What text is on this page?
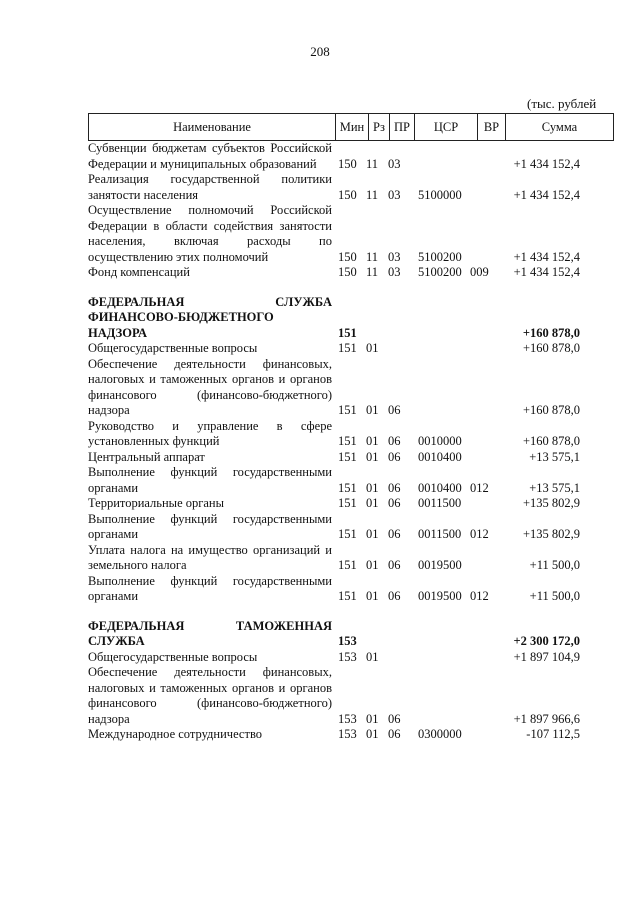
208
(тыс. рублей
Наименование	Мин	Рз	ПР	ЦСР	ВР	Сумма
Субвенции бюджетам субъектов Российской Федерации и муниципальных образований	150	11	03			+1 434 152,4
Реализация государственной политики занятости населения	150	11	03	5100000		+1 434 152,4
Осуществление полномочий Российской Федерации в области содействия занятости населения, включая расходы по осуществлению этих полномочий	150	11	03	5100200		+1 434 152,4
Фонд компенсаций	150	11	03	5100200	009	+1 434 152,4

ФЕДЕРАЛЬНАЯ СЛУЖБА ФИНАНСОВО-БЮДЖЕТНОГО НАДЗОРА	151					+160 878,0
Общегосударственные вопросы	151	01				+160 878,0
Обеспечение деятельности финансовых, налоговых и таможенных органов и органов финансового (финансово-бюджетного) надзора	151	01	06			+160 878,0
Руководство и управление в сфере установленных функций	151	01	06	0010000		+160 878,0
Центральный аппарат	151	01	06	0010400		+13 575,1
Выполнение функций государственными органами	151	01	06	0010400	012	+13 575,1
Территориальные органы	151	01	06	0011500		+135 802,9
Выполнение функций государственными органами	151	01	06	0011500	012	+135 802,9
Уплата налога на имущество организаций и земельного налога	151	01	06	0019500		+11 500,0
Выполнение функций государственными органами	151	01	06	0019500	012	+11 500,0

ФЕДЕРАЛЬНАЯ ТАМОЖЕННАЯ СЛУЖБА	153					+2 300 172,0
Общегосударственные вопросы	153	01				+1 897 104,9
Обеспечение деятельности финансовых, налоговых и таможенных органов и органов финансового (финансово-бюджетного) надзора	153	01	06			+1 897 966,6
Международное сотрудничество	153	01	06	0300000		-107 112,5
